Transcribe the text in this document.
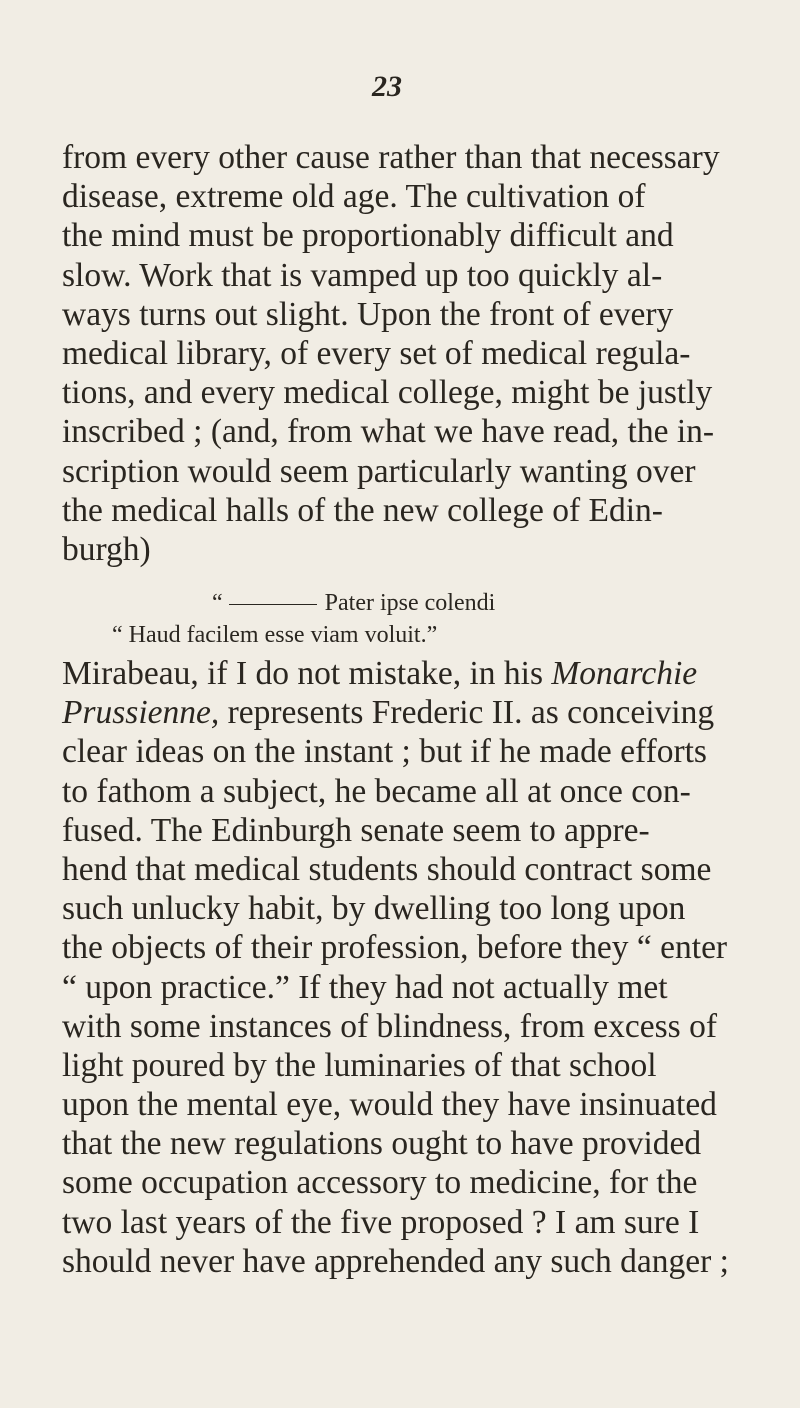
23
from every other cause rather than that necessary
disease, extreme old age. The cultivation of
the mind must be proportionably difficult and
slow. Work that is vamped up too quickly al-
ways turns out slight. Upon the front of every
medical library, of every set of medical regula-
tions, and every medical college, might be justly
inscribed ; (and, from what we have read, the in-
scription would seem particularly wanting over
the medical halls of the new college of Edin-
burgh)
“	Pater ipse colendi
“ Haud facilem esse viam voluit.”
Mirabeau, if I do not mistake, in his Monarchie
Prussienne, represents Frederic II. as conceiving
clear ideas on the instant ; but if he made efforts
to fathom a subject, he became all at once con-
fused. The Edinburgh senate seem to appre-
hend that medical students should contract some
such unlucky habit, by dwelling too long upon
the objects of their profession, before they “ enter
“ upon practice.” If they had not actually met
with some instances of blindness, from excess of
light poured by the luminaries of that school
upon the mental eye, would they have insinuated
that the new regulations ought to have provided
some occupation accessory to medicine, for the
two last years of the five proposed ? I am sure I
should never have apprehended any such danger ;
